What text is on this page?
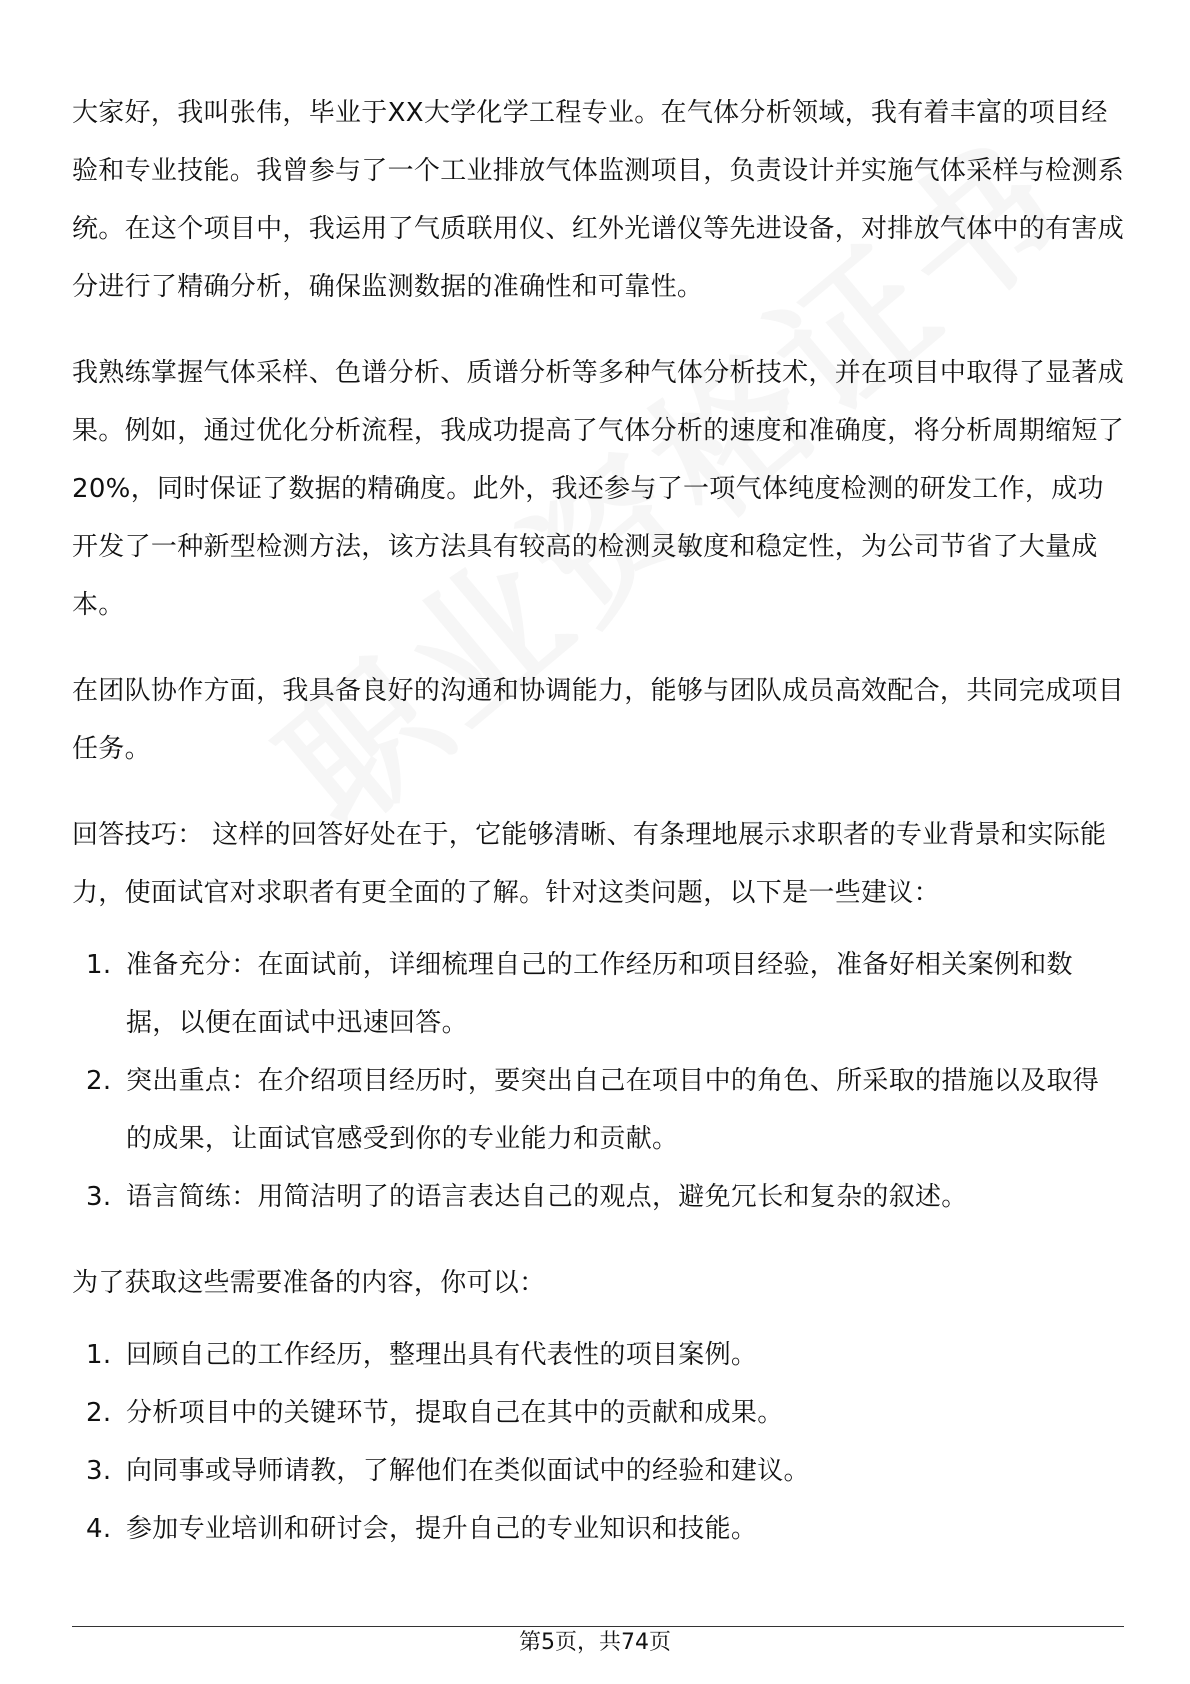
大家好，我叫张伟，毕业于XX大学化学工程专业。在气体分析领域，我有着丰富的项目经验和专业技能。我曾参与了一个工业排放气体监测项目，负责设计并实施气体采样与检测系统。在这个项目中，我运用了气质联用仪、红外光谱仪等先进设备，对排放气体中的有害成分进行了精确分析，确保监测数据的准确性和可靠性。

我熟练掌握气体采样、色谱分析、质谱分析等多种气体分析技术，并在项目中取得了显著成果。例如，通过优化分析流程，我成功提高了气体分析的速度和准确度，将分析周期缩短了20%，同时保证了数据的精确度。此外，我还参与了一项气体纯度检测的研发工作，成功开发了一种新型检测方法，该方法具有较高的检测灵敏度和稳定性，为公司节省了大量成本。

在团队协作方面，我具备良好的沟通和协调能力，能够与团队成员高效配合，共同完成项目任务。

回答技巧： 这样的回答好处在于，它能够清晰、有条理地展示求职者的专业背景和实际能力，使面试官对求职者有更全面的了解。针对这类问题，以下是一些建议：

1. 准备充分：在面试前，详细梳理自己的工作经历和项目经验，准备好相关案例和数据，以便在面试中迅速回答。
2. 突出重点：在介绍项目经历时，要突出自己在项目中的角色、所采取的措施以及取得的成果，让面试官感受到你的专业能力和贡献。
3. 语言简练：用简洁明了的语言表达自己的观点，避免冗长和复杂的叙述。

为了获取这些需要准备的内容，你可以：

1. 回顾自己的工作经历，整理出具有代表性的项目案例。
2. 分析项目中的关键环节，提取自己在其中的贡献和成果。
3. 向同事或导师请教，了解他们在类似面试中的经验和建议。
4. 参加专业培训和研讨会，提升自己的专业知识和技能。
第5页，共74页
